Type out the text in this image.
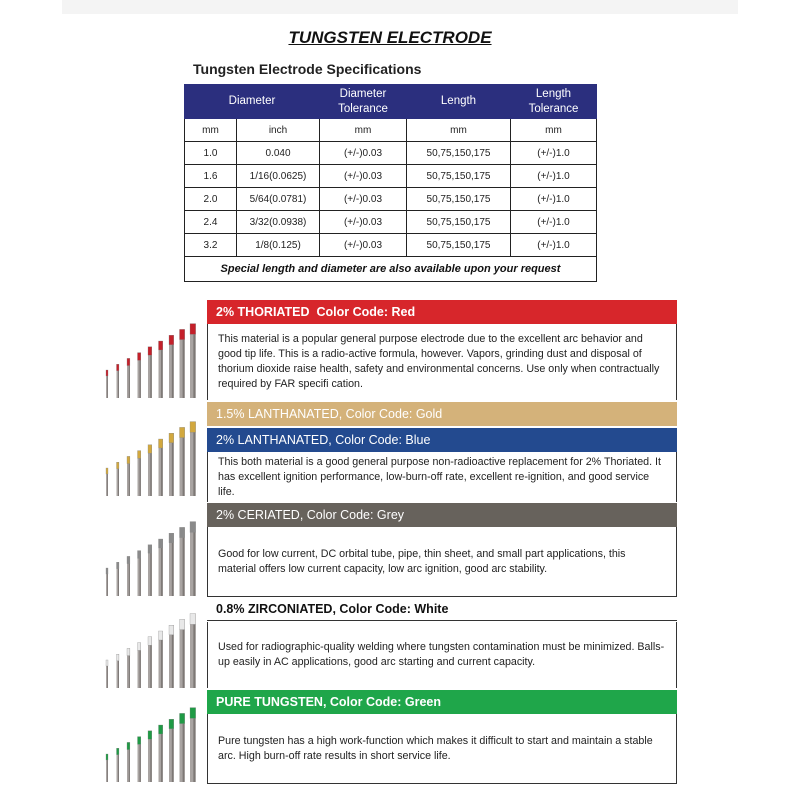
TUNGSTEN ELECTRODE
Tungsten Electrode Specifications
Diameter		Diameter Tolerance	Length	Length Tolerance
mm	inch	mm	mm	mm
1.0	0.040	(+/-)0.03	50,75,150,175	(+/-)1.0
1.6	1/16(0.0625)	(+/-)0.03	50,75,150,175	(+/-)1.0
2.0	5/64(0.0781)	(+/-)0.03	50,75,150,175	(+/-)1.0
2.4	3/32(0.0938)	(+/-)0.03	50,75,150,175	(+/-)1.0
3.2	1/8(0.125)	(+/-)0.03	50,75,150,175	(+/-)1.0
Special length and diameter are also available upon your request				
2% THORIATED Color Code: Red
This material is a popular general purpose electrode due to the excellent arc behavior and good tip life. This is a radio-active formula, however. Vapors, grinding dust and disposal of thorium dioxide raise health, safety and environmental concerns. Use only when contractually required by FAR specifi cation.
1.5% LANTHANATED, Color Code: Gold
2% LANTHANATED, Color Code: Blue
This both material is a good general purpose non-radioactive replacement for 2% Thoriated. It has excellent ignition performance, low-burn-off rate, excellent re-ignition, and good service life.
2% CERIATED, Color Code: Grey
Good for low current, DC orbital tube, pipe, thin sheet, and small part applications, this material offers low current capacity, low arc ignition, good arc stability.
0.8% ZIRCONIATED, Color Code: White
Used for radiographic-quality welding where tungsten contamination must be minimized. Balls-up easily in AC applications, good arc starting and current capacity.
PURE TUNGSTEN, Color Code: Green
Pure tungsten has a high work-function which makes it difficult to start and maintain a stable arc. High burn-off rate results in short service life.
